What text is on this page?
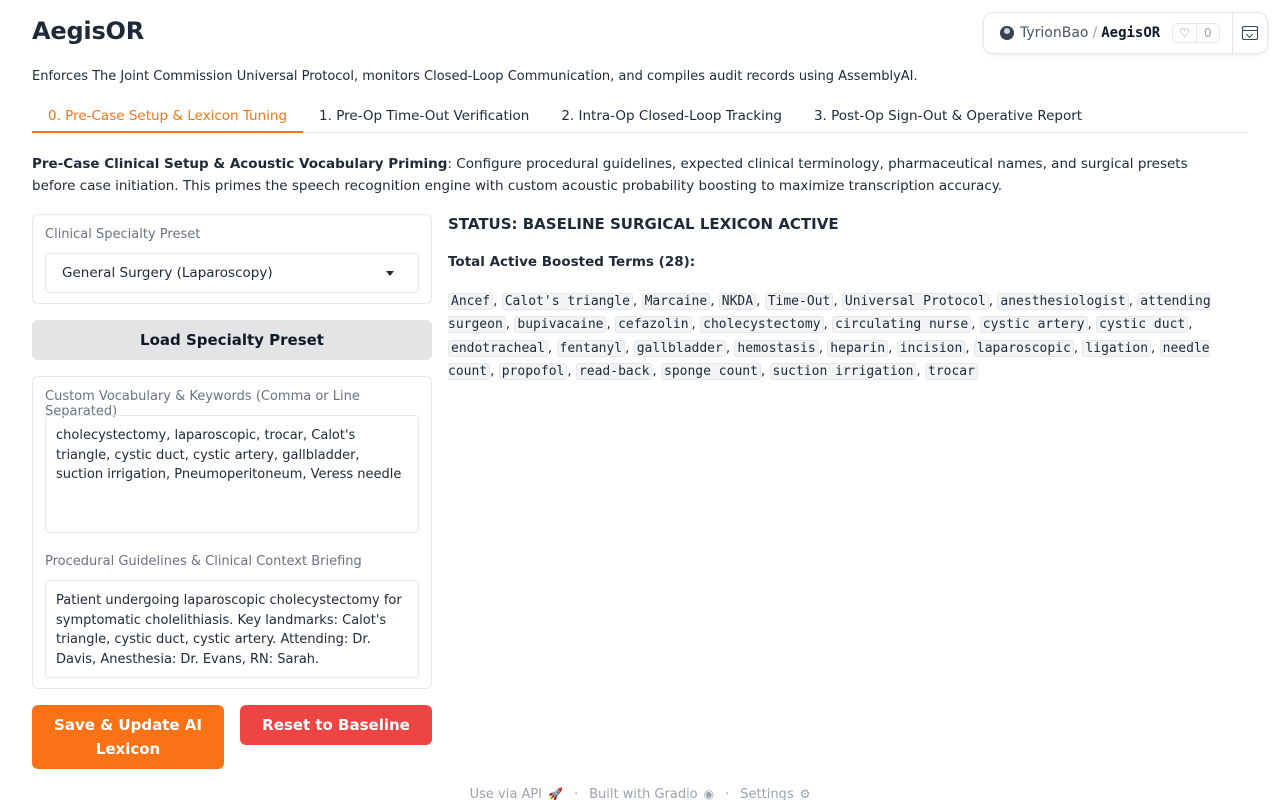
TyrionBao / AegisOR	♡	0
AegisOR
Enforces The Joint Commission Universal Protocol, monitors Closed-Loop Communication, and compiles audit records using AssemblyAI.
0. Pre-Case Setup & Lexicon Tuning	1. Pre-Op Time-Out Verification	2. Intra-Op Closed-Loop Tracking	3. Post-Op Sign-Out & Operative Report
Pre-Case Clinical Setup & Acoustic Vocabulary Priming: Configure procedural guidelines, expected clinical terminology, pharmaceutical names, and surgical presets before case initiation. This primes the speech recognition engine with custom acoustic probability boosting to maximize transcription accuracy.
Clinical Specialty Preset
General Surgery (Laparoscopy)
Load Specialty Preset
Custom Vocabulary & Keywords (Comma or Line Separated)
cholecystectomy, laparoscopic, trocar, Calot's triangle, cystic duct, cystic artery, gallbladder, suction irrigation, Pneumoperitoneum, Veress needle
Procedural Guidelines & Clinical Context Briefing
Patient undergoing laparoscopic cholecystectomy for symptomatic cholelithiasis. Key landmarks: Calot's triangle, cystic duct, cystic artery. Attending: Dr. Davis, Anesthesia: Dr. Evans, RN: Sarah.
Save & Update AI Lexicon
Reset to Baseline
STATUS: BASELINE SURGICAL LEXICON ACTIVE
Total Active Boosted Terms (28):
Ancef , Calot's triangle , Marcaine , NKDA , Time-Out , Universal Protocol , anesthesiologist , attending surgeon , bupivacaine , cefazolin , cholecystectomy , circulating nurse , cystic artery , cystic duct , endotracheal , fentanyl , gallbladder , hemostasis , heparin , incision , laparoscopic , ligation , needle count , propofol , read-back , sponge count , suction irrigation , trocar
Use via API 🚀 · Built with Gradio ◉ · Settings ⚙
